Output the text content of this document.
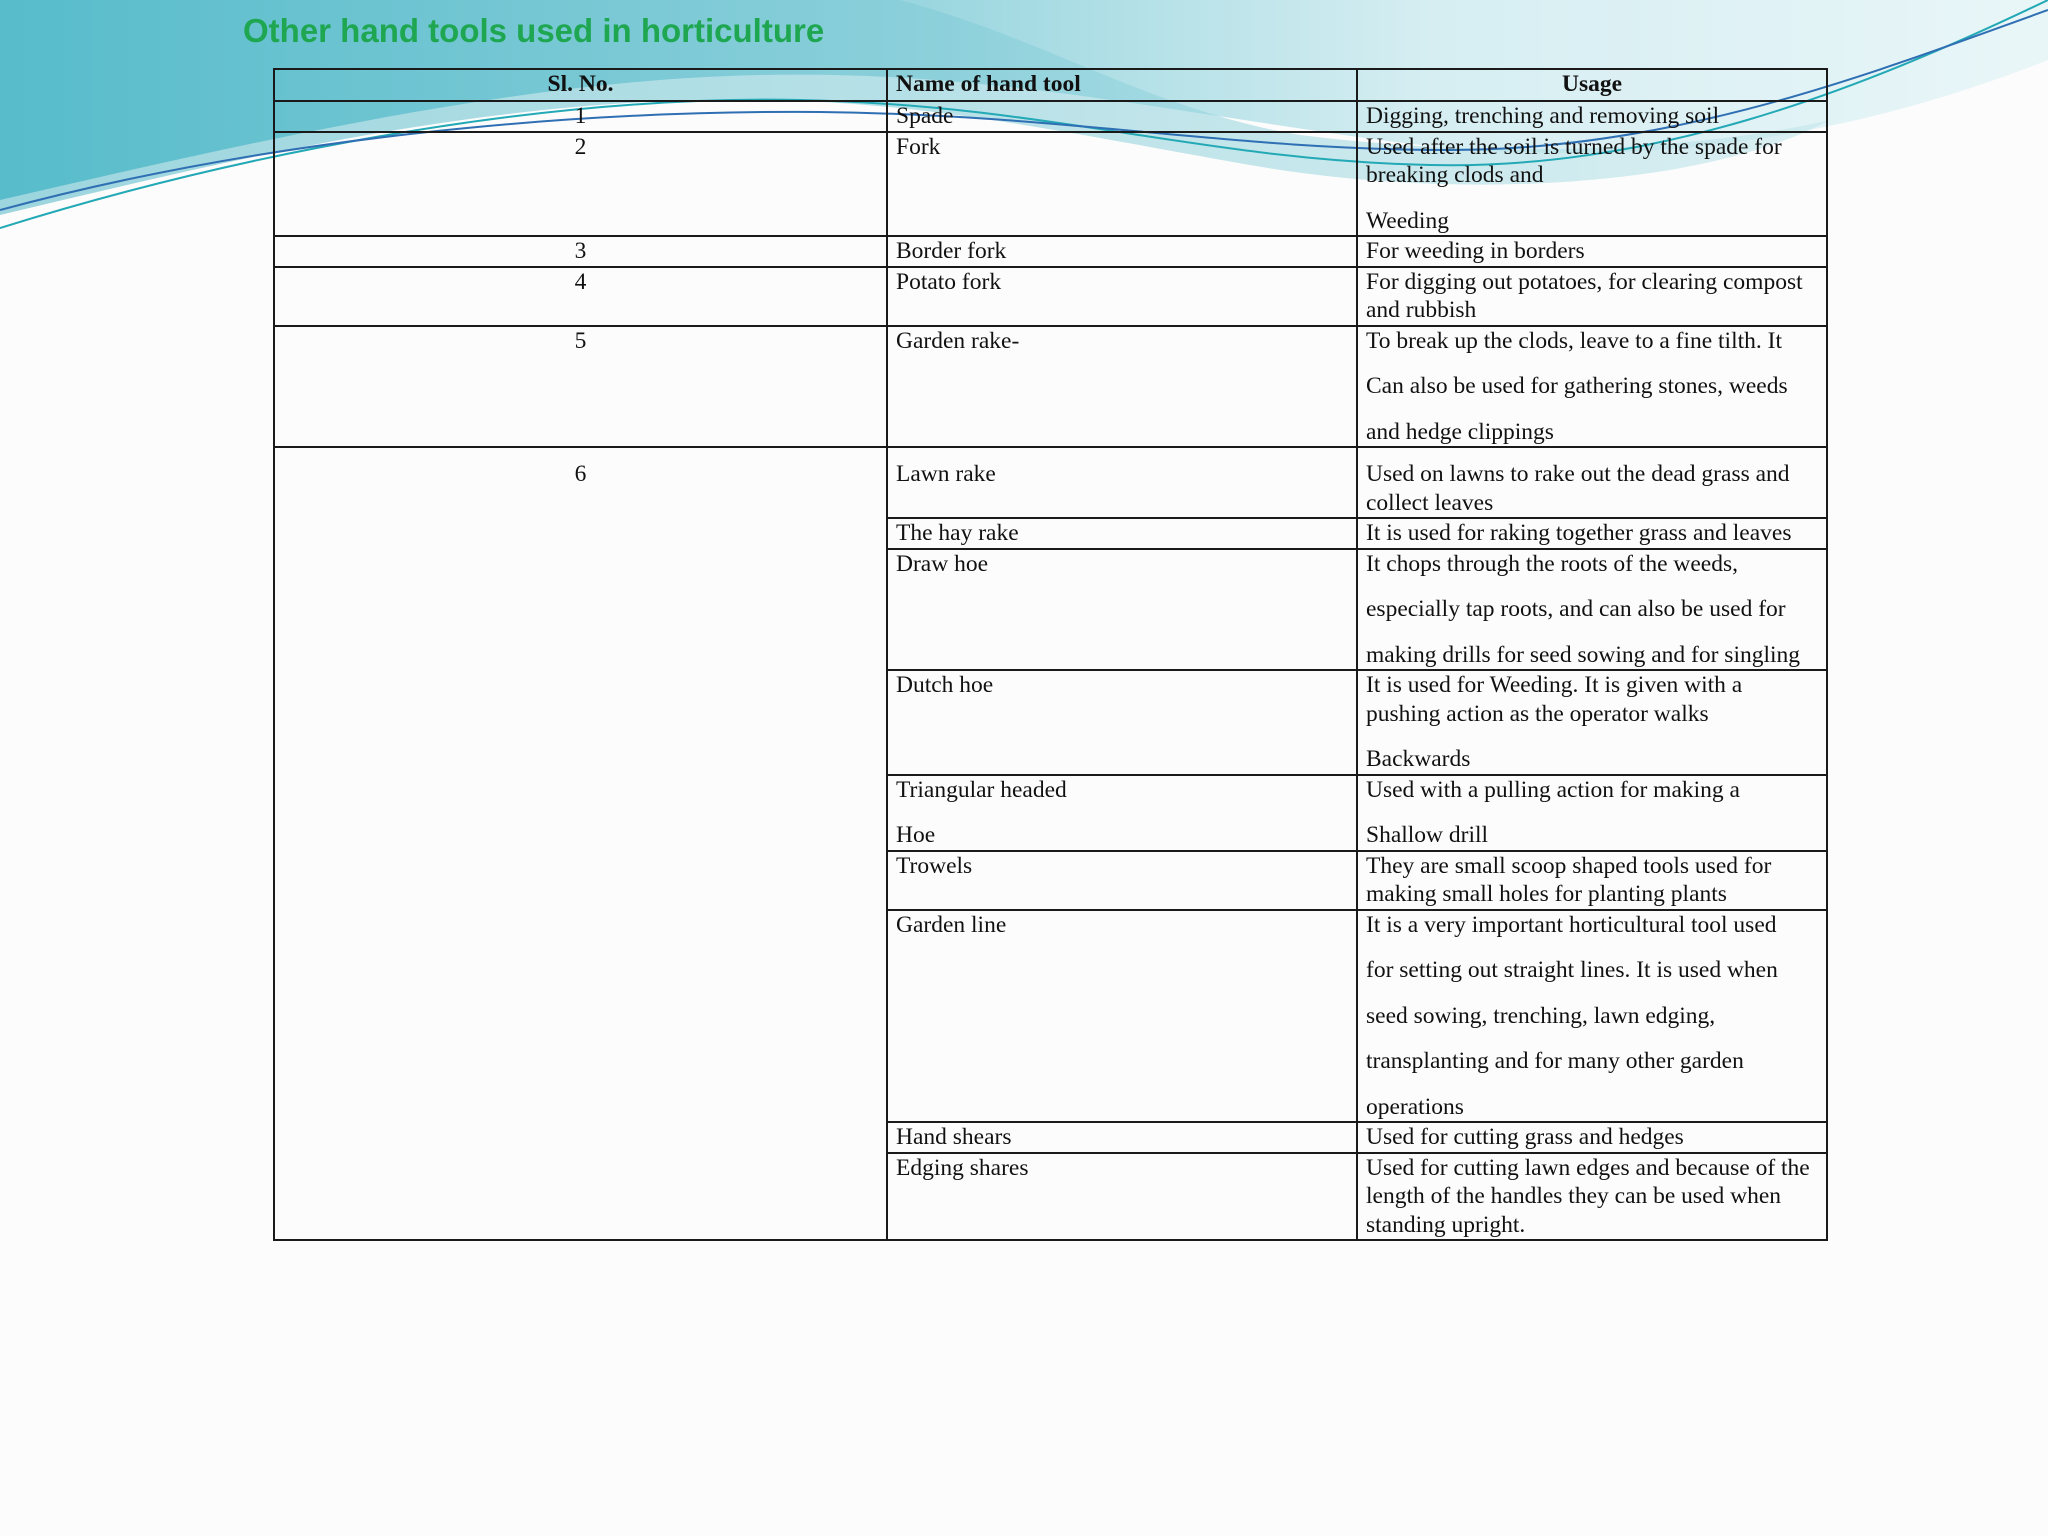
Other hand tools used in horticulture
Sl. No.	Name of hand tool	Usage
1	Spade	Digging, trenching and removing soil

2	Fork	Used after the soil is turned by the spade for breaking clods and
Weeding

3	Border fork	For weeding in borders

4	Potato fork	For digging out potatoes, for clearing compost and rubbish

5	Garden rake-	To break up the clods, leave to a fine tilth. It
Can also be used for gathering stones, weeds
and hedge clippings

6	Lawn rake	Used on lawns to rake out the dead grass and collect leaves

	The hay rake	It is used for raking together grass and leaves

	Draw hoe	It chops through the roots of the weeds,
especially tap roots, and can also be used for
making drills for seed sowing and for singling

	Dutch hoe	It is used for Weeding. It is given with a pushing action as the operator walks
Backwards

	Triangular headed
Hoe	Used with a pulling action for making a
Shallow drill

	Trowels	They are small scoop shaped tools used for making small holes for planting plants

	Garden line	It is a very important horticultural tool used
for setting out straight lines. It is used when
seed sowing, trenching, lawn edging,
transplanting and for many other garden
operations

	Hand shears	Used for cutting grass and hedges

	Edging shares	Used for cutting lawn edges and because of the length of the handles they can be used when standing upright.
